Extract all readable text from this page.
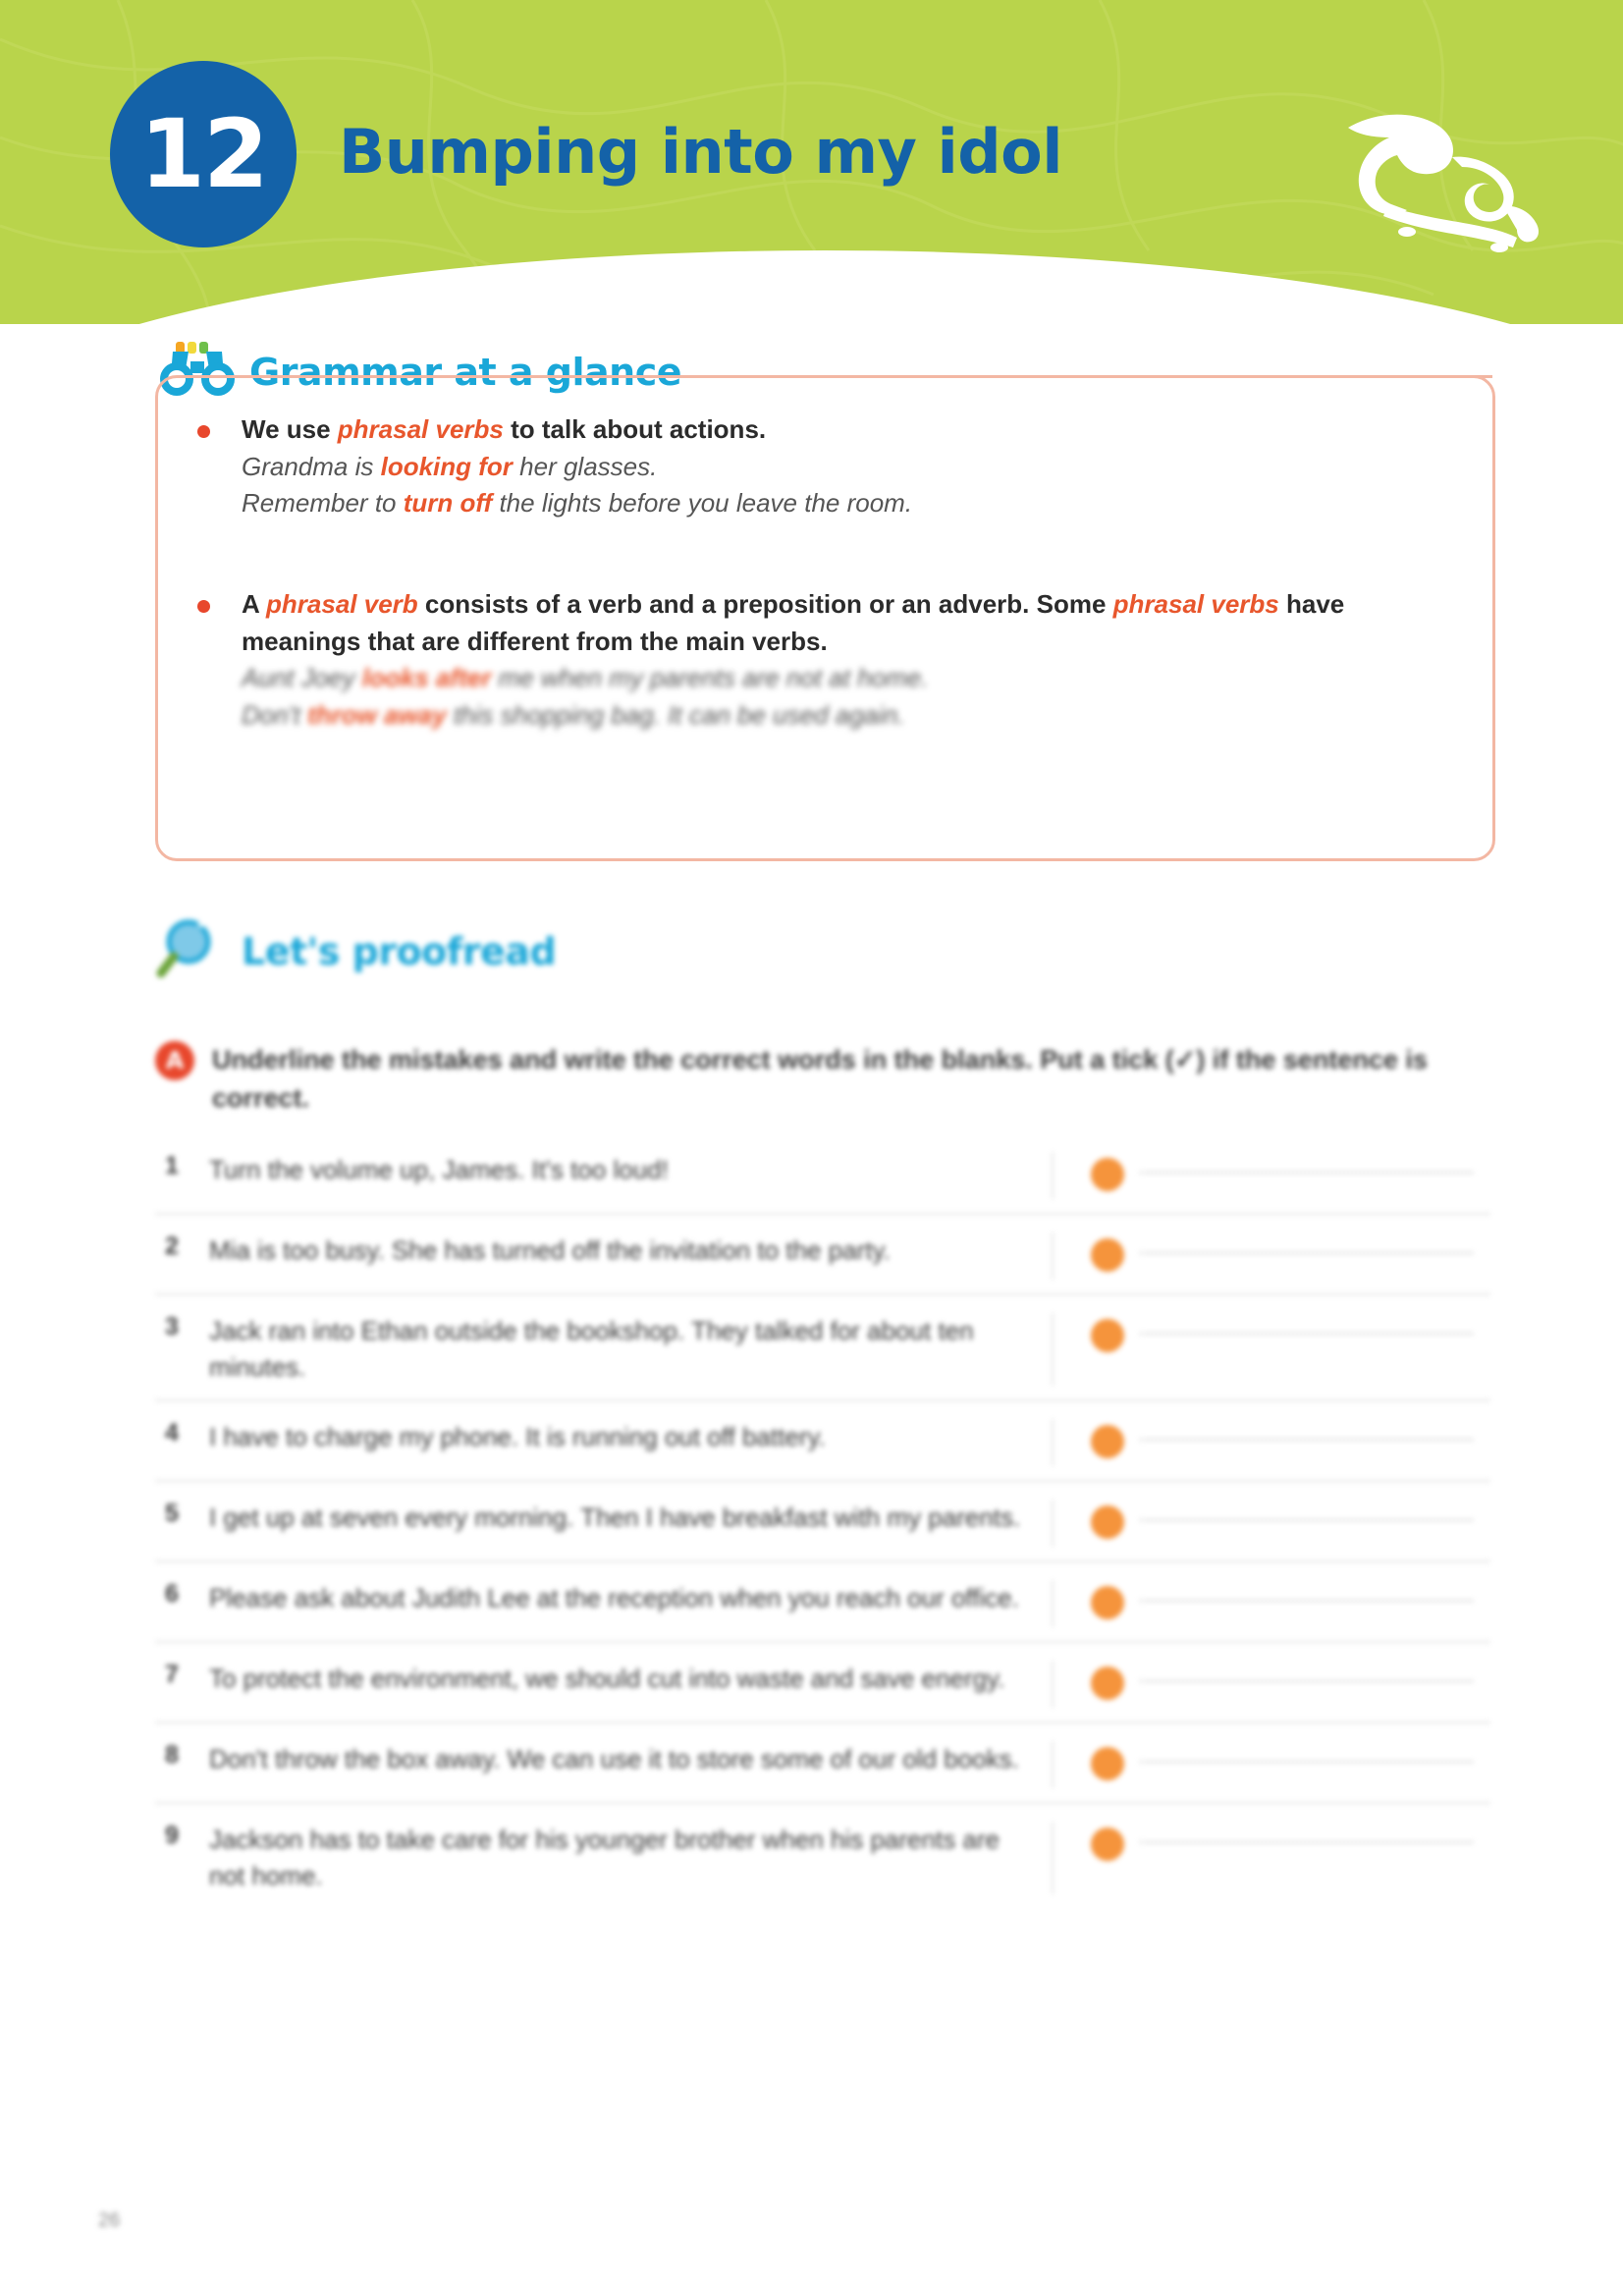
12	Bumping into my idol
Grammar at a glance
We use phrasal verbs to talk about actions.
Grandma is looking for her glasses.
Remember to turn off the lights before you leave the room.
A phrasal verb consists of a verb and a preposition or an adverb. Some phrasal verbs have meanings that are different from the main verbs.
Aunt Joey looks after me when my parents are not at home.
Don't throw away this shopping bag. It can be used again.
Let's proofread
A	Underline the mistakes and write the correct words in the blanks. Put a tick (✓) if the sentence is correct.
1	Turn the volume up, James. It's too loud!
2	Mia is too busy. She has turned off the invitation to the party.
3	Jack ran into Ethan outside the bookshop. They talked for about ten minutes.
4	I have to charge my phone. It is running out off battery.
5	I get up at seven every morning. Then I have breakfast with my parents.
6	Please ask about Judith Lee at the reception when you reach our office.
7	To protect the environment, we should cut into waste and save energy.
8	Don't throw the box away. We can use it to store some of our old books.
9	Jackson has to take care for his younger brother when his parents are not home.
26
